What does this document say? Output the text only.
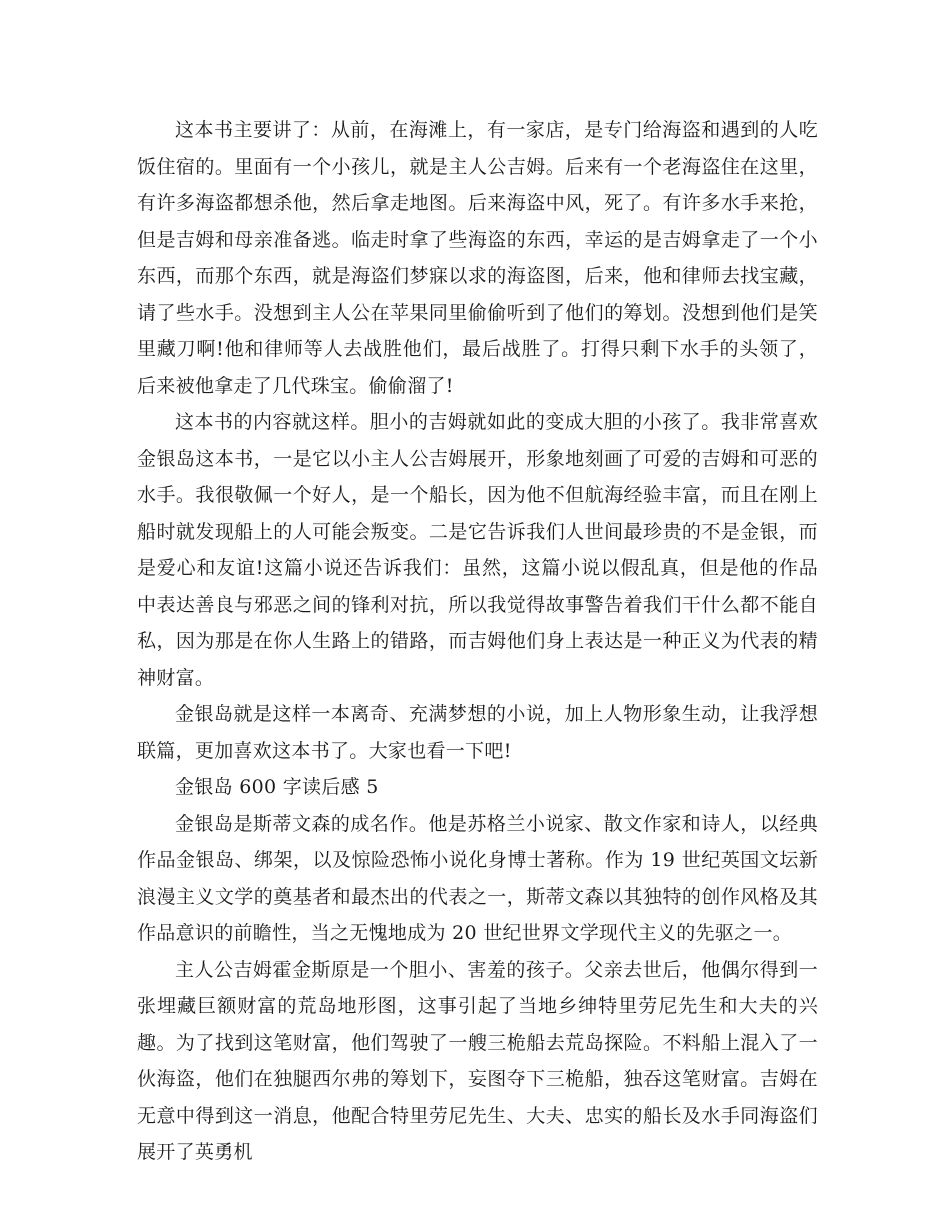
这本书主要讲了：从前，在海滩上，有一家店，是专门给海盗和遇到的人吃饭住宿的。里面有一个小孩儿，就是主人公吉姆。后来有一个老海盗住在这里，有许多海盗都想杀他，然后拿走地图。后来海盗中风，死了。有许多水手来抢，但是吉姆和母亲准备逃。临走时拿了些海盗的东西，幸运的是吉姆拿走了一个小东西，而那个东西，就是海盗们梦寐以求的海盗图，后来，他和律师去找宝藏，请了些水手。没想到主人公在苹果同里偷偷听到了他们的筹划。没想到他们是笑里藏刀啊!他和律师等人去战胜他们，最后战胜了。打得只剩下水手的头领了，后来被他拿走了几代珠宝。偷偷溜了!

这本书的内容就这样。胆小的吉姆就如此的变成大胆的小孩了。我非常喜欢金银岛这本书，一是它以小主人公吉姆展开，形象地刻画了可爱的吉姆和可恶的水手。我很敬佩一个好人，是一个船长，因为他不但航海经验丰富，而且在刚上船时就发现船上的人可能会叛变。二是它告诉我们人世间最珍贵的不是金银，而是爱心和友谊!这篇小说还告诉我们：虽然，这篇小说以假乱真，但是他的作品中表达善良与邪恶之间的锋利对抗，所以我觉得故事警告着我们干什么都不能自私，因为那是在你人生路上的错路，而吉姆他们身上表达是一种正义为代表的精神财富。

金银岛就是这样一本离奇、充满梦想的小说，加上人物形象生动，让我浮想联篇，更加喜欢这本书了。大家也看一下吧!

金银岛 600 字读后感 5

金银岛是斯蒂文森的成名作。他是苏格兰小说家、散文作家和诗人，以经典作品金银岛、绑架，以及惊险恐怖小说化身博士著称。作为 19 世纪英国文坛新浪漫主义文学的奠基者和最杰出的代表之一，斯蒂文森以其独特的创作风格及其作品意识的前瞻性，当之无愧地成为 20 世纪世界文学现代主义的先驱之一。

主人公吉姆霍金斯原是一个胆小、害羞的孩子。父亲去世后，他偶尔得到一张埋藏巨额财富的荒岛地形图，这事引起了当地乡绅特里劳尼先生和大夫的兴趣。为了找到这笔财富，他们驾驶了一艘三桅船去荒岛探险。不料船上混入了一伙海盗，他们在独腿西尔弗的筹划下，妄图夺下三桅船，独吞这笔财富。吉姆在无意中得到这一消息，他配合特里劳尼先生、大夫、忠实的船长及水手同海盗们展开了英勇机
